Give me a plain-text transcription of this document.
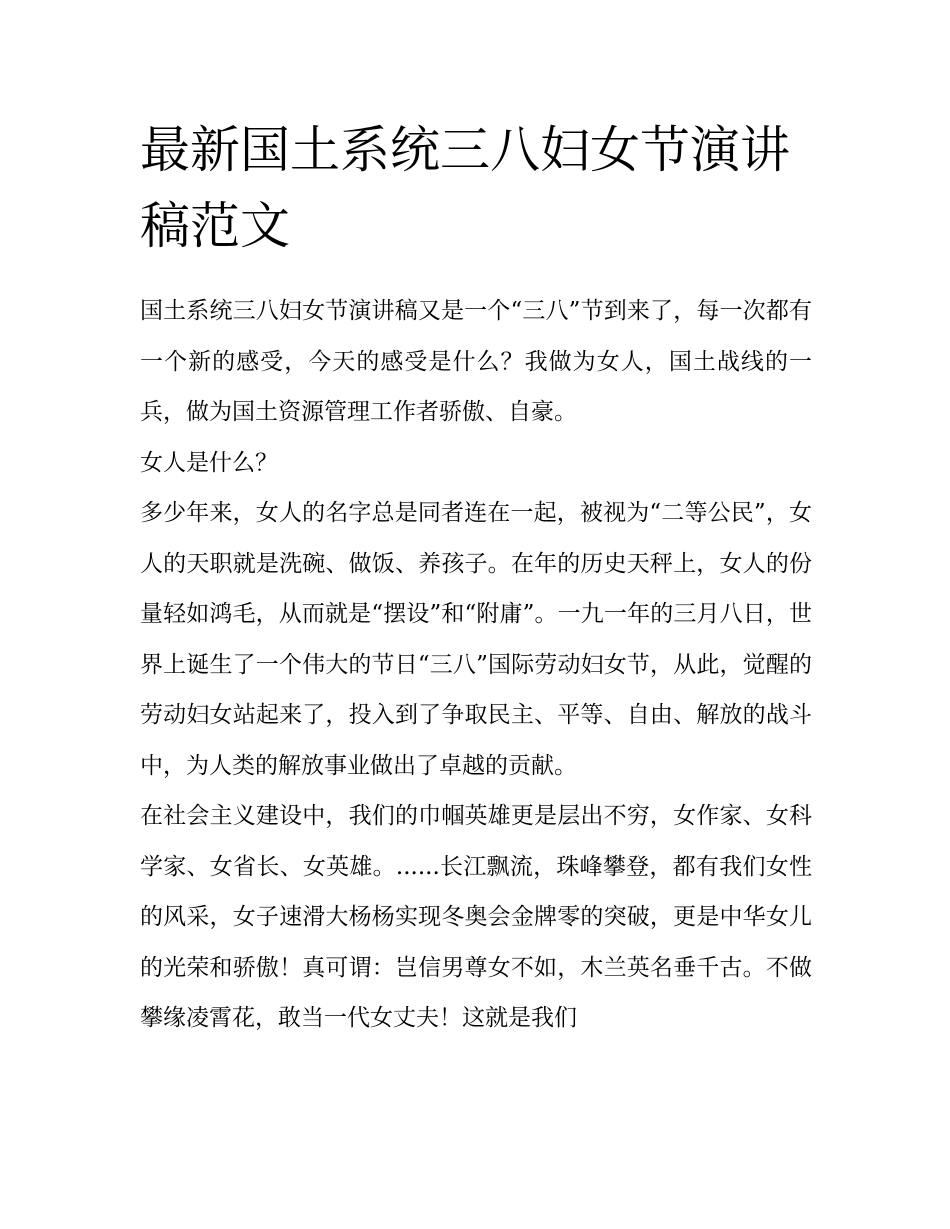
最新国土系统三八妇女节演讲稿范文

国土系统三八妇女节演讲稿又是一个“三八”节到来了，每一次都有一个新的感受，今天的感受是什么？我做为女人，国土战线的一兵，做为国土资源管理工作者骄傲、自豪。

女人是什么？

多少年来，女人的名字总是同者连在一起，被视为“二等公民”，女人的天职就是洗碗、做饭、养孩子。在年的历史天秤上，女人的份量轻如鸿毛，从而就是“摆设”和“附庸”。一九一年的三月八日，世界上诞生了一个伟大的节日“三八”国际劳动妇女节，从此，觉醒的劳动妇女站起来了，投入到了争取民主、平等、自由、解放的战斗中，为人类的解放事业做出了卓越的贡献。

在社会主义建设中，我们的巾帼英雄更是层出不穷，女作家、女科学家、女省长、女英雄。......长江飘流，珠峰攀登，都有我们女性的风采，女子速滑大杨杨实现冬奥会金牌零的突破，更是中华女儿的光荣和骄傲！真可谓：岂信男尊女不如，木兰英名垂千古。不做攀缘凌霄花，敢当一代女丈夫！这就是我们
